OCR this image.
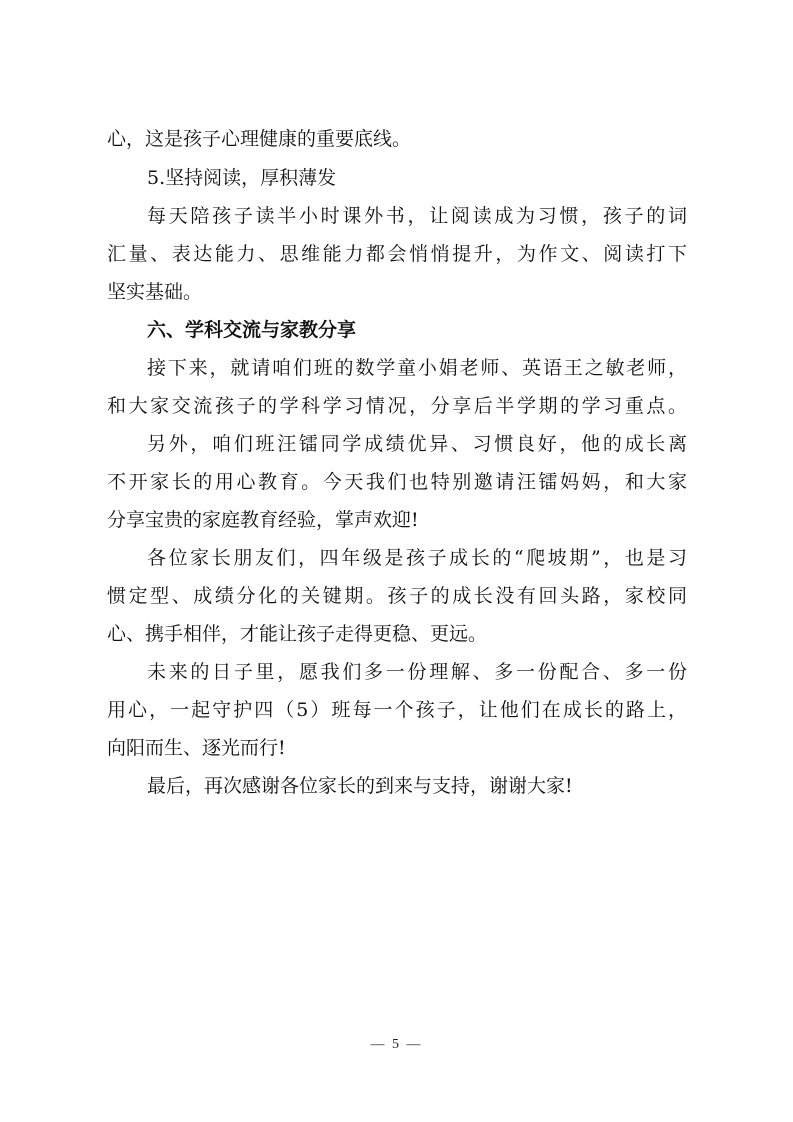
心，这是孩子心理健康的重要底线。
5.坚持阅读，厚积薄发
每天陪孩子读半小时课外书，让阅读成为习惯，孩子的词
汇量、表达能力、思维能力都会悄悄提升，为作文、阅读打下
坚实基础。
六、学科交流与家教分享
接下来，就请咱们班的数学童小娟老师、英语王之敏老师，
和大家交流孩子的学科学习情况，分享后半学期的学习重点。
另外，咱们班汪镭同学成绩优异、习惯良好，他的成长离
不开家长的用心教育。今天我们也特别邀请汪镭妈妈，和大家
分享宝贵的家庭教育经验，掌声欢迎!
各位家长朋友们，四年级是孩子成长的“爬坡期”，也是习
惯定型、成绩分化的关键期。孩子的成长没有回头路，家校同
心、携手相伴，才能让孩子走得更稳、更远。
未来的日子里，愿我们多一份理解、多一份配合、多一份
用心，一起守护四（5）班每一个孩子，让他们在成长的路上，
向阳而生、逐光而行!
最后，再次感谢各位家长的到来与支持，谢谢大家!
— 5 —
